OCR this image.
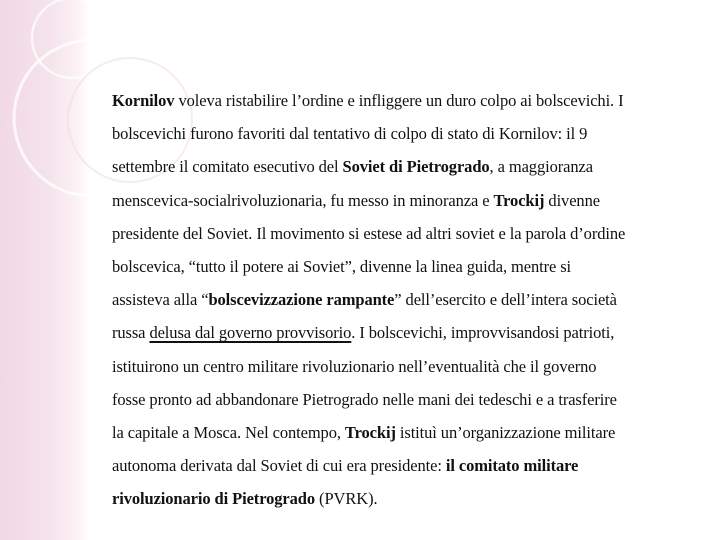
Kornilov voleva ristabilire l’ordine e infliggere un duro colpo ai bolscevichi. I
bolscevichi furono favoriti dal tentativo di colpo di stato di Kornilov: il 9
settembre il comitato esecutivo del Soviet di Pietrogrado, a maggioranza
menscevica-socialrivoluzionaria, fu messo in minoranza e Trockij divenne
presidente del Soviet. Il movimento si estese ad altri soviet e la parola d’ordine
bolscevica, “tutto il potere ai Soviet”, divenne la linea guida, mentre si
assisteva alla “bolscevizzazione rampante” dell’esercito e dell’intera società
russa delusa dal governo provvisorio. I bolscevichi, improvvisandosi patrioti,
istituirono un centro militare rivoluzionario nell’eventualità che il governo
fosse pronto ad abbandonare Pietrogrado nelle mani dei tedeschi e a trasferire
la capitale a Mosca. Nel contempo, Trockij istituì un’organizzazione militare
autonoma derivata dal Soviet di cui era presidente: il comitato militare
rivoluzionario di Pietrogrado (PVRK).
